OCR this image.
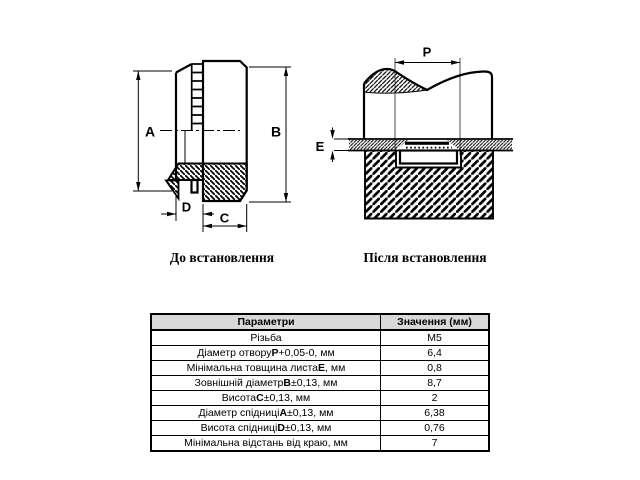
A	B
D
C
P
E
До встановлення	Після встановлення
Параметри	Значення (мм)
Різьба	M5
Діаметр отвору P +0,05-0, мм	6,4
Мінімальна товщина листа E , мм	0,8
Зовнішній діаметр B ±0,13, мм	8,7
Висота C ±0,13, мм	2
Діаметр спідниці A ±0,13, мм	6,38
Висота спідниці D ±0,13, мм	0,76
Мінімальна відстань від краю, мм	7
